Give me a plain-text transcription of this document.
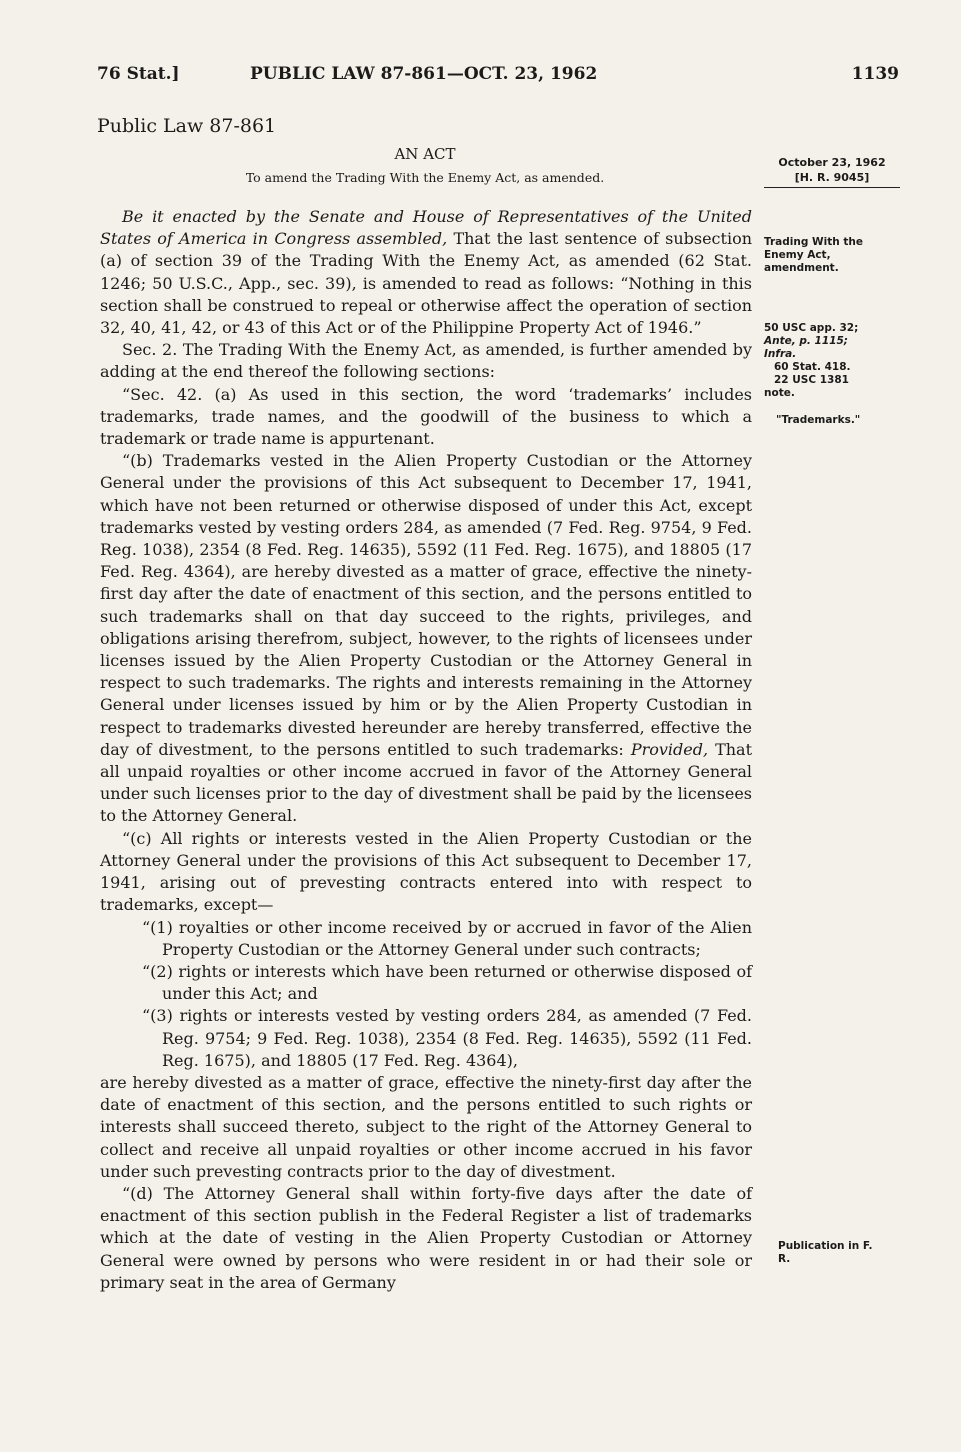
76 Stat.]	PUBLIC LAW 87-861—OCT. 23, 1962	1139
Public Law 87-861
AN ACT
To amend the Trading With the Enemy Act, as amended.
October 23, 1962
[H. R. 9045]
Trading With the Enemy Act, amendment.
50 USC app. 32;
Ante, p. 1115;
Infra.
60 Stat. 418.
22 USC 1381
note.
"Trademarks."
Publication in F. R.

Be it enacted by the Senate and House of Representatives of the United States of America in Congress assembled, That the last sentence of subsection (a) of section 39 of the Trading With the Enemy Act, as amended (62 Stat. 1246; 50 U.S.C., App., sec. 39), is amended to read as follows: “Nothing in this section shall be construed to repeal or otherwise affect the operation of section 32, 40, 41, 42, or 43 of this Act or of the Philippine Property Act of 1946.”

Sec. 2. The Trading With the Enemy Act, as amended, is further amended by adding at the end thereof the following sections:

“Sec. 42. (a) As used in this section, the word ‘trademarks’ includes trademarks, trade names, and the goodwill of the business to which a trademark or trade name is appurtenant.

“(b) Trademarks vested in the Alien Property Custodian or the Attorney General under the provisions of this Act subsequent to December 17, 1941, which have not been returned or otherwise disposed of under this Act, except trademarks vested by vesting orders 284, as amended (7 Fed. Reg. 9754, 9 Fed. Reg. 1038), 2354 (8 Fed. Reg. 14635), 5592 (11 Fed. Reg. 1675), and 18805 (17 Fed. Reg. 4364), are hereby divested as a matter of grace, effective the ninety-first day after the date of enactment of this section, and the persons entitled to such trademarks shall on that day succeed to the rights, privileges, and obligations arising therefrom, subject, however, to the rights of licensees under licenses issued by the Alien Property Custodian or the Attorney General in respect to such trademarks. The rights and interests remaining in the Attorney General under licenses issued by him or by the Alien Property Custodian in respect to trademarks divested hereunder are hereby transferred, effective the day of divestment, to the persons entitled to such trademarks: Provided, That all unpaid royalties or other income accrued in favor of the Attorney General under such licenses prior to the day of divestment shall be paid by the licensees to the Attorney General.

“(c) All rights or interests vested in the Alien Property Custodian or the Attorney General under the provisions of this Act subsequent to December 17, 1941, arising out of prevesting contracts entered into with respect to trademarks, except—

“(1) royalties or other income received by or accrued in favor of the Alien Property Custodian or the Attorney General under such contracts;

“(2) rights or interests which have been returned or otherwise disposed of under this Act; and

“(3) rights or interests vested by vesting orders 284, as amended (7 Fed. Reg. 9754; 9 Fed. Reg. 1038), 2354 (8 Fed. Reg. 14635), 5592 (11 Fed. Reg. 1675), and 18805 (17 Fed. Reg. 4364),

are hereby divested as a matter of grace, effective the ninety-first day after the date of enactment of this section, and the persons entitled to such rights or interests shall succeed thereto, subject to the right of the Attorney General to collect and receive all unpaid royalties or other income accrued in his favor under such prevesting contracts prior to the day of divestment.

“(d) The Attorney General shall within forty-five days after the date of enactment of this section publish in the Federal Register a list of trademarks which at the date of vesting in the Alien Property Custodian or Attorney General were owned by persons who were resident in or had their sole or primary seat in the area of Germany
